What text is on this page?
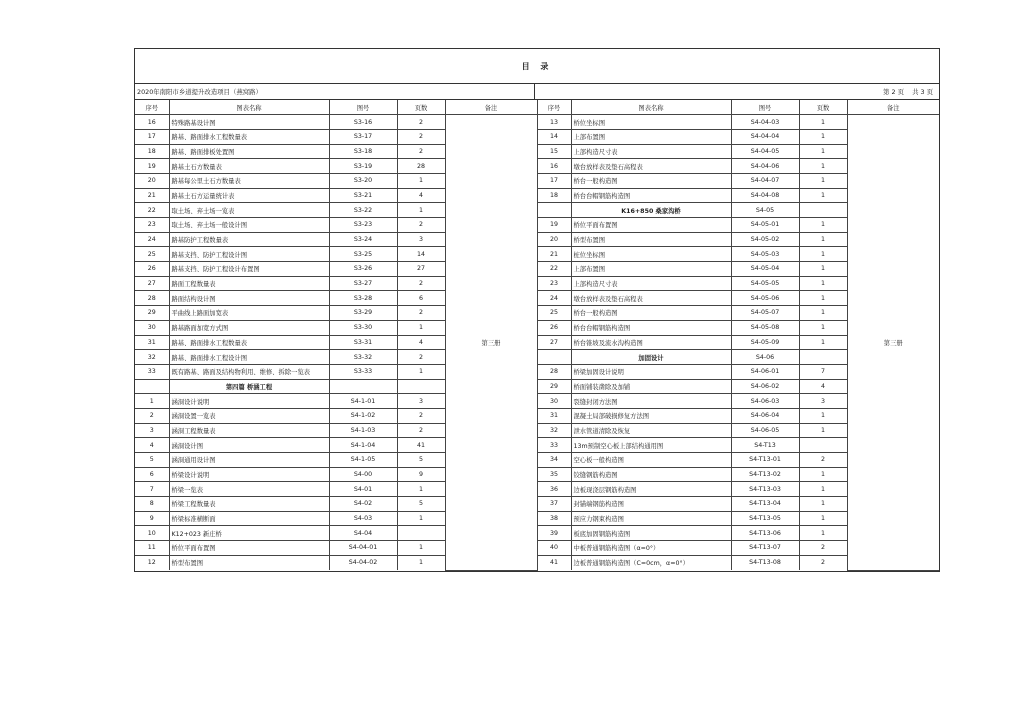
目 录
2020年南阳市乡道提升改造项目（燕窝路）	第 2 页    共 3 页
序号	图表名称	图号	页数	备注	序号	图表名称	图号	页数	备注
16	特殊路基设计图	S3-16	2	第三册	13	桥位坐标图	S4-04-03	1	第三册
17	路基、路面排水工程数量表	S3-17	2		14	上部布置图	S4-04-04	1	
18	路基、路面排板处置图	S3-18	2		15	上部构造尺寸表	S4-04-05	1	
19	路基土石方数量表	S3-19	28		16	墩台放样表及垫石高程表	S4-04-06	1	
20	路基每公里土石方数量表	S3-20	1		17	桥台一般构造图	S4-04-07	1	
21	路基土石方运量统计表	S3-21	4		18	桥台台帽钢筋构造图	S4-04-08	1	
22	取土场、弃土场一览表	S3-22	1			K16+850 桑家沟桥	S4-05		
23	取土场、弃土场一般设计图	S3-23	2		19	桥位平面布置图	S4-05-01	1	
24	路基防护工程数量表	S3-24	3		20	桥型布置图	S4-05-02	1	
25	路基支挡、防护工程设计图	S3-25	14		21	桩位坐标图	S4-05-03	1	
26	路基支挡、防护工程设计布置图	S3-26	27		22	上部布置图	S4-05-04	1	
27	路面工程数量表	S3-27	2		23	上部构造尺寸表	S4-05-05	1	
28	路面结构设计图	S3-28	6		24	墩台放样表及垫石高程表	S4-05-06	1	
29	平曲线上路面加宽表	S3-29	2		25	桥台一般构造图	S4-05-07	1	
30	路基路面加宽方式图	S3-30	1		26	桥台台帽钢筋构造图	S4-05-08	1	
31	路基、路面排水工程数量表	S3-31	4		27	桥台锥坡及流水沟构造图	S4-05-09	1	
32	路基、路面排水工程设计图	S3-32	2			加固设计	S4-06		
33	既有路基、路面及结构物利用、维修、拆除一览表	S3-33	1		28	桥梁加固设计说明	S4-06-01	7	
	第四篇 桥涵工程				29	桥面铺装凿除及加铺	S4-06-02	4	
1	涵洞设计说明	S4-1-01	3		30	裂缝封闭方法图	S4-06-03	3	
2	涵洞设置一览表	S4-1-02	2		31	混凝土局部破损修复方法图	S4-06-04	1	
3	涵洞工程数量表	S4-1-03	2		32	泄水管道清除及恢复	S4-06-05	1	
4	涵洞设计图	S4-1-04	41		33	13m预制空心板上部结构通用图	S4-T13		
5	涵洞通用设计图	S4-1-05	5		34	空心板一般构造图	S4-T13-01	2	
6	桥梁设计说明	S4-00	9		35	铰缝钢筋构造图	S4-T13-02	1	
7	桥梁一览表	S4-01	1		36	边板现浇层钢筋构造图	S4-T13-03	1	
8	桥梁工程数量表	S4-02	5		37	封锚端钢筋构造图	S4-T13-04	1	
9	桥梁标准横断面	S4-03	1		38	预应力钢束构造图	S4-T13-05	1	
10	K12+023 新庄桥	S4-04			39	板底加固钢筋构造图	S4-T13-06	1	
11	桥位平面布置图	S4-04-01	1		40	中板普通钢筋构造图（α=0°）	S4-T13-07	2	
12	桥型布置图	S4-04-02	1		41	边板普通钢筋构造图（C=0cm，α=0°）	S4-T13-08	2	
